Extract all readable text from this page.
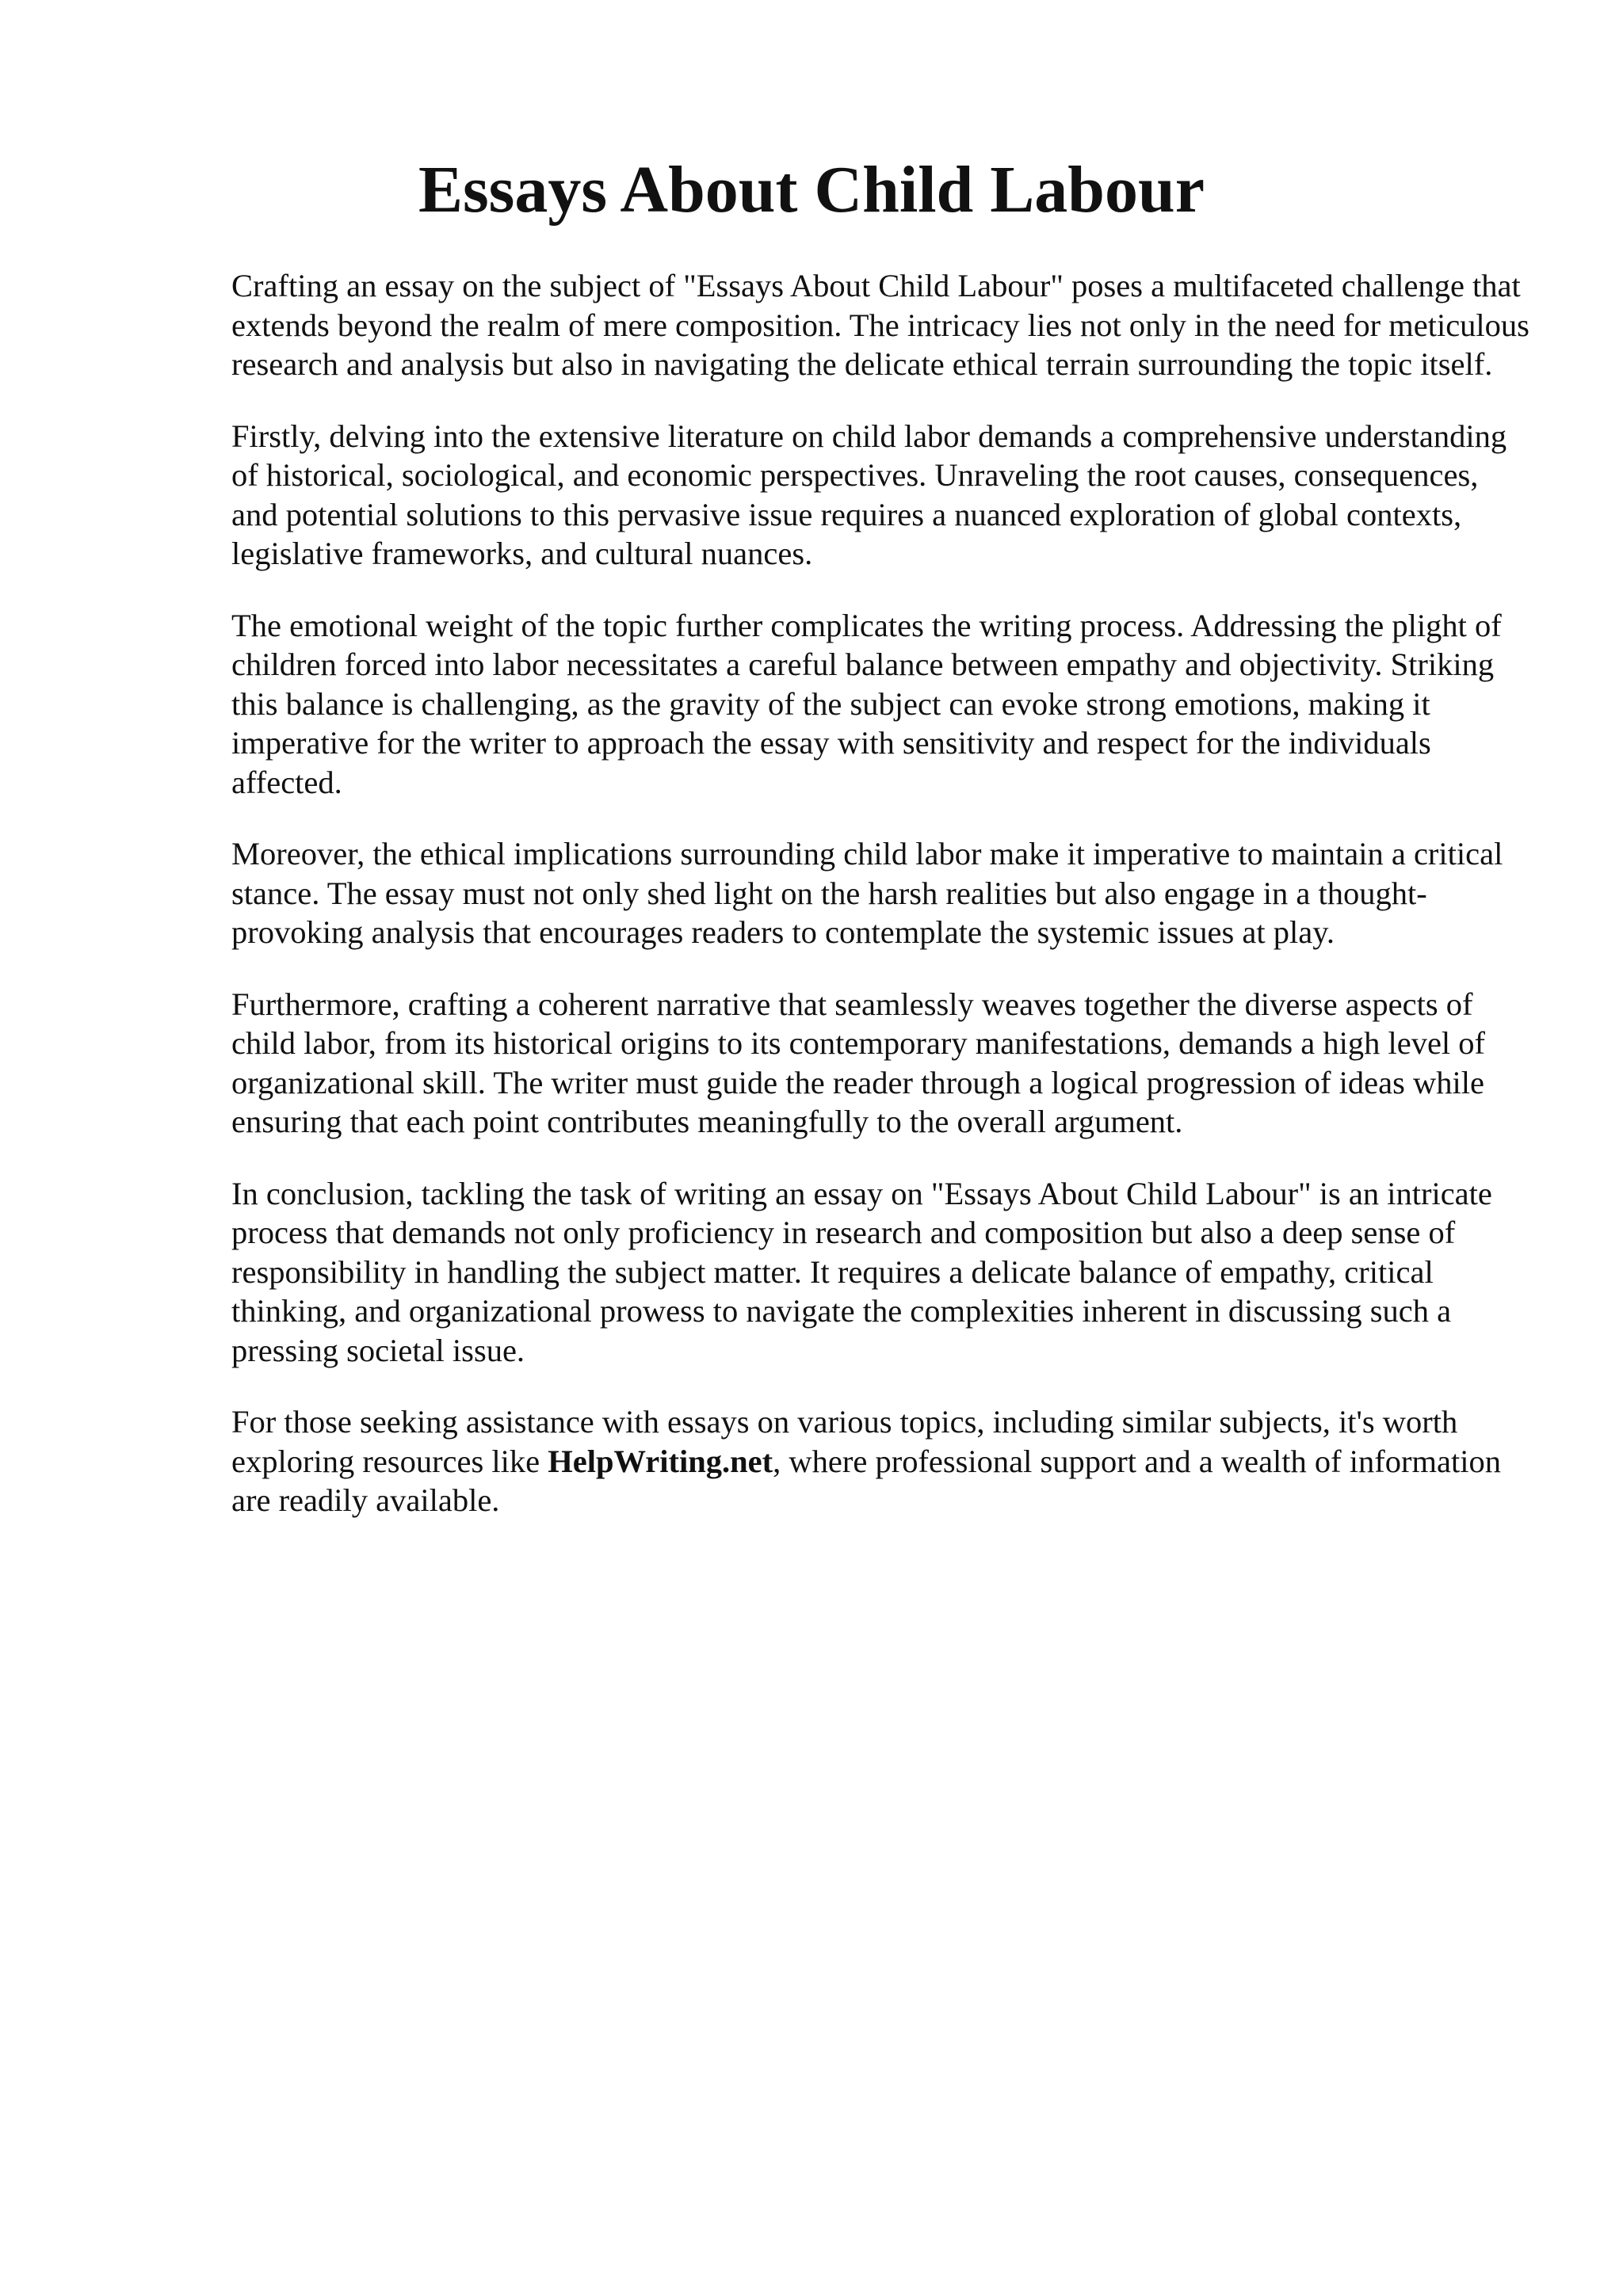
Essays About Child Labour

Crafting an essay on the subject of "Essays About Child Labour" poses a multifaceted challenge that extends beyond the realm of mere composition. The intricacy lies not only in the need for meticulous research and analysis but also in navigating the delicate ethical terrain surrounding the topic itself.

Firstly, delving into the extensive literature on child labor demands a comprehensive understanding of historical, sociological, and economic perspectives. Unraveling the root causes, consequences, and potential solutions to this pervasive issue requires a nuanced exploration of global contexts, legislative frameworks, and cultural nuances.

The emotional weight of the topic further complicates the writing process. Addressing the plight of children forced into labor necessitates a careful balance between empathy and objectivity. Striking this balance is challenging, as the gravity of the subject can evoke strong emotions, making it imperative for the writer to approach the essay with sensitivity and respect for the individuals affected.

Moreover, the ethical implications surrounding child labor make it imperative to maintain a critical stance. The essay must not only shed light on the harsh realities but also engage in a thought-provoking analysis that encourages readers to contemplate the systemic issues at play.

Furthermore, crafting a coherent narrative that seamlessly weaves together the diverse aspects of child labor, from its historical origins to its contemporary manifestations, demands a high level of organizational skill. The writer must guide the reader through a logical progression of ideas while ensuring that each point contributes meaningfully to the overall argument.

In conclusion, tackling the task of writing an essay on "Essays About Child Labour" is an intricate process that demands not only proficiency in research and composition but also a deep sense of responsibility in handling the subject matter. It requires a delicate balance of empathy, critical thinking, and organizational prowess to navigate the complexities inherent in discussing such a pressing societal issue.

For those seeking assistance with essays on various topics, including similar subjects, it's worth exploring resources like HelpWriting.net, where professional support and a wealth of information are readily available.
